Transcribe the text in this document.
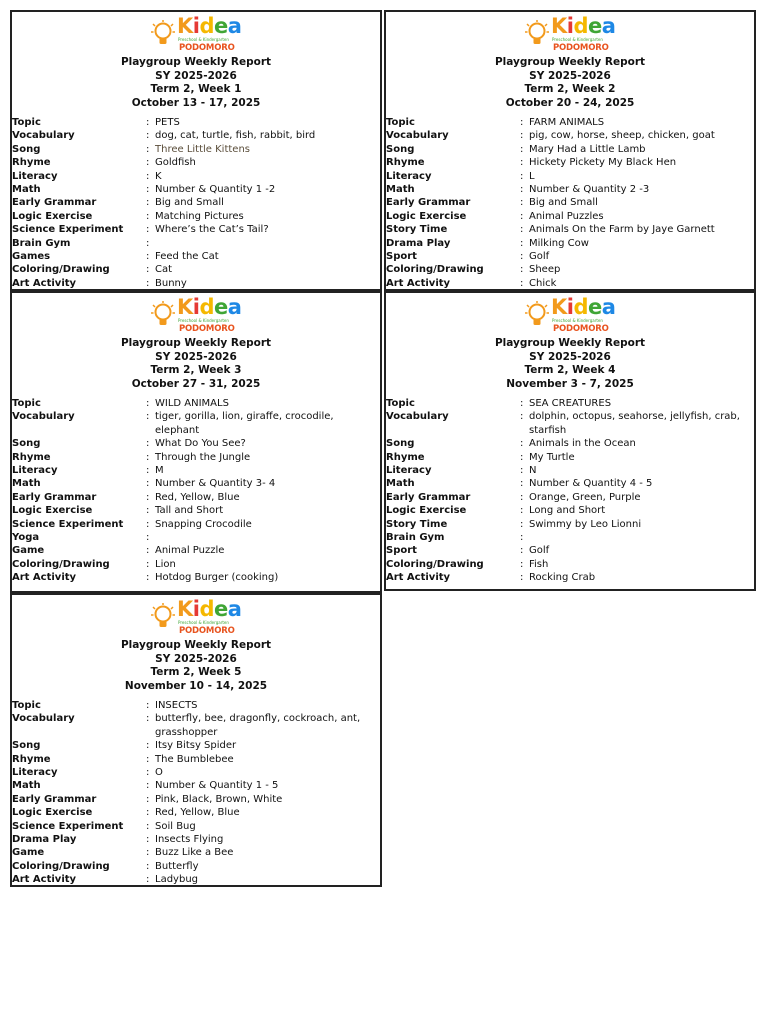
Kidea
Preschool & Kindergarten
PODOMORO
Playgroup Weekly Report
SY 2025-2026
Term 2, Week 1
October 13 - 17, 2025
Topic	: PETS
Vocabulary	: dog, cat, turtle, fish, rabbit, bird
Song	: Three Little Kittens
Rhyme	: Goldfish
Literacy	: K
Math	: Number & Quantity 1 -2
Early Grammar	: Big and Small
Logic Exercise	: Matching Pictures
Science Experiment	: Where’s the Cat’s Tail?
Brain Gym	:
Games	: Feed the Cat
Coloring/Drawing	: Cat
Art Activity	: Bunny
Kidea
Preschool & Kindergarten
PODOMORO
Playgroup Weekly Report
SY 2025-2026
Term 2, Week 2
October 20 - 24, 2025
Topic	: FARM ANIMALS
Vocabulary	: pig, cow, horse, sheep, chicken, goat
Song	: Mary Had a Little Lamb
Rhyme	: Hickety Pickety My Black Hen
Literacy	: L
Math	: Number & Quantity 2 -3
Early Grammar	: Big and Small
Logic Exercise	: Animal Puzzles
Story Time	: Animals On the Farm by Jaye Garnett
Drama Play	: Milking Cow
Sport	: Golf
Coloring/Drawing	: Sheep
Art Activity	: Chick
Kidea
Preschool & Kindergarten
PODOMORO
Playgroup Weekly Report
SY 2025-2026
Term 2, Week 3
October 27 - 31, 2025
Topic	: WILD ANIMALS
Vocabulary	: tiger, gorilla, lion, giraffe, crocodile, elephant
Song	: What Do You See?
Rhyme	: Through the Jungle
Literacy	: M
Math	: Number & Quantity 3- 4
Early Grammar	: Red, Yellow, Blue
Logic Exercise	: Tall and Short
Science Experiment	: Snapping Crocodile
Yoga	:
Game	: Animal Puzzle
Coloring/Drawing	: Lion
Art Activity	: Hotdog Burger (cooking)
Kidea
Preschool & Kindergarten
PODOMORO
Playgroup Weekly Report
SY 2025-2026
Term 2, Week 4
November 3 - 7, 2025
Topic	: SEA CREATURES
Vocabulary	: dolphin, octopus, seahorse, jellyfish, crab, starfish
Song	: Animals in the Ocean
Rhyme	: My Turtle
Literacy	: N
Math	: Number & Quantity 4 - 5
Early Grammar	: Orange, Green, Purple
Logic Exercise	: Long and Short
Story Time	: Swimmy by Leo Lionni
Brain Gym	:
Sport	: Golf
Coloring/Drawing	: Fish
Art Activity	: Rocking Crab
Kidea
Preschool & Kindergarten
PODOMORO
Playgroup Weekly Report
SY 2025-2026
Term 2, Week 5
November 10 - 14, 2025
Topic	: INSECTS
Vocabulary	: butterfly, bee, dragonfly, cockroach, ant, grasshopper
Song	: Itsy Bitsy Spider
Rhyme	: The Bumblebee
Literacy	: O
Math	: Number & Quantity 1 - 5
Early Grammar	: Pink, Black, Brown, White
Logic Exercise	: Red, Yellow, Blue
Science Experiment	: Soil Bug
Drama Play	: Insects Flying
Game	: Buzz Like a Bee
Coloring/Drawing	: Butterfly
Art Activity	: Ladybug
